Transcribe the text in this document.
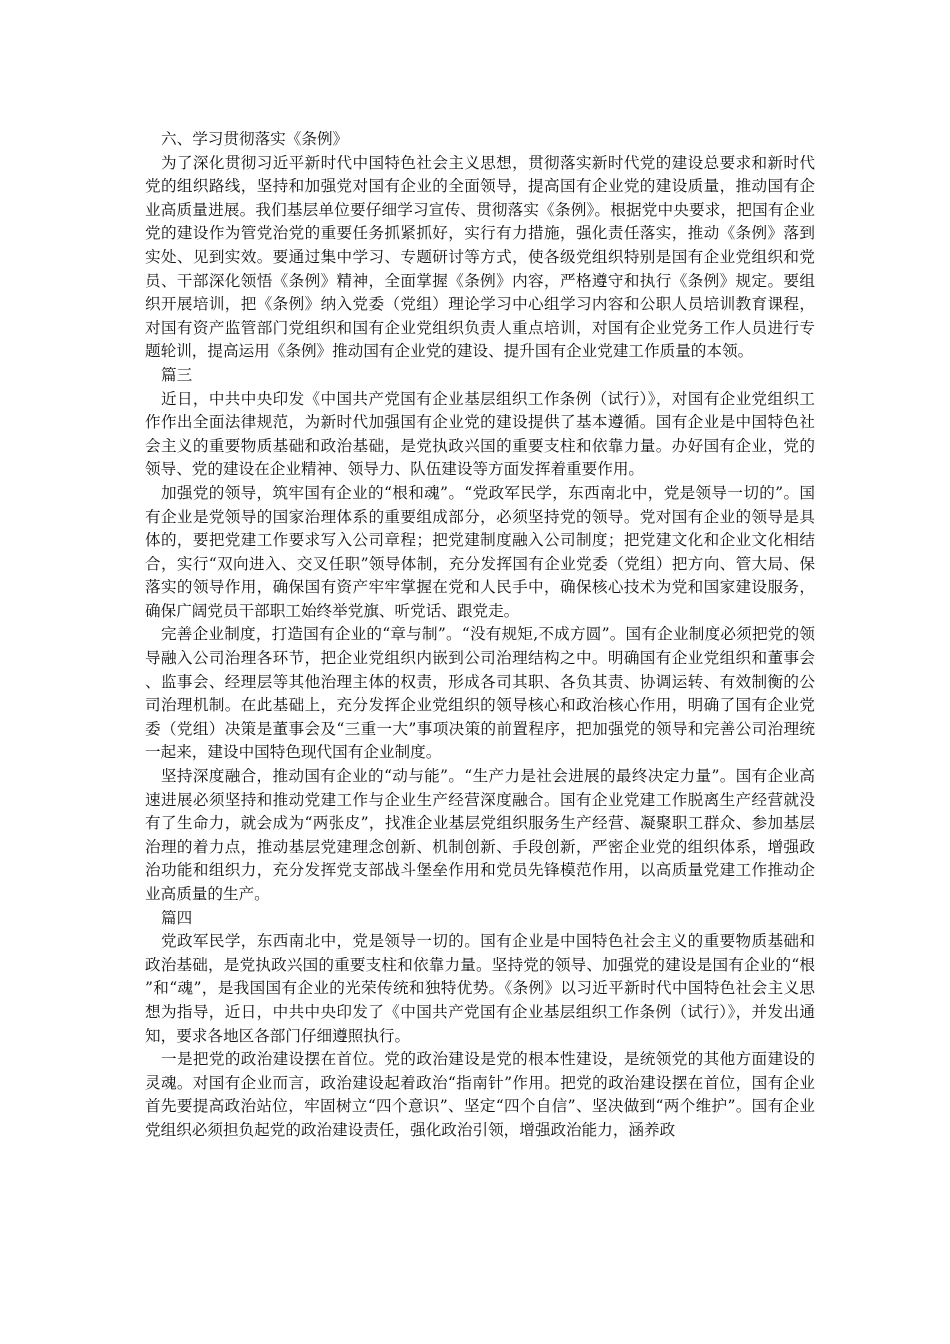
六、学习贯彻落实《条例》

为了深化贯彻习近平新时代中国特色社会主义思想，贯彻落实新时代党的建设总要求和新时代党的组织路线，坚持和加强党对国有企业的全面领导，提高国有企业党的建设质量，推动国有企业高质量进展。我们基层单位要仔细学习宣传、贯彻落实《条例》。根据党中央要求，把国有企业党的建设作为管党治党的重要任务抓紧抓好，实行有力措施，强化责任落实，推动《条例》落到实处、见到实效。要通过集中学习、专题研讨等方式，使各级党组织特别是国有企业党组织和党员、干部深化领悟《条例》精神，全面掌握《条例》内容，严格遵守和执行《条例》规定。要组织开展培训，把《条例》纳入党委（党组）理论学习中心组学习内容和公职人员培训教育课程，对国有资产监管部门党组织和国有企业党组织负责人重点培训，对国有企业党务工作人员进行专题轮训，提高运用《条例》推动国有企业党的建设、提升国有企业党建工作质量的本领。

篇三

近日，中共中央印发《中国共产党国有企业基层组织工作条例（试行）》，对国有企业党组织工作作出全面法律规范，为新时代加强国有企业党的建设提供了基本遵循。国有企业是中国特色社会主义的重要物质基础和政治基础，是党执政兴国的重要支柱和依靠力量。办好国有企业，党的领导、党的建设在企业精神、领导力、队伍建设等方面发挥着重要作用。

加强党的领导，筑牢国有企业的“根和魂”。“党政军民学，东西南北中，党是领导一切的”。国有企业是党领导的国家治理体系的重要组成部分，必须坚持党的领导。党对国有企业的领导是具体的，要把党建工作要求写入公司章程；把党建制度融入公司制度；把党建文化和企业文化相结合，实行“双向进入、交叉任职”领导体制，充分发挥国有企业党委（党组）把方向、管大局、保落实的领导作用，确保国有资产牢牢掌握在党和人民手中，确保核心技术为党和国家建设服务，确保广阔党员干部职工始终举党旗、听党话、跟党走。

完善企业制度，打造国有企业的“章与制”。“没有规矩,不成方圆”。国有企业制度必须把党的领导融入公司治理各环节，把企业党组织内嵌到公司治理结构之中。明确国有企业党组织和董事会、监事会、经理层等其他治理主体的权责，形成各司其职、各负其责、协调运转、有效制衡的公司治理机制。在此基础上，充分发挥企业党组织的领导核心和政治核心作用，明确了国有企业党委（党组）决策是董事会及“三重一大”事项决策的前置程序，把加强党的领导和完善公司治理统一起来，建设中国特色现代国有企业制度。

坚持深度融合，推动国有企业的“动与能”。“生产力是社会进展的最终决定力量”。国有企业高速进展必须坚持和推动党建工作与企业生产经营深度融合。国有企业党建工作脱离生产经营就没有了生命力，就会成为“两张皮”，找准企业基层党组织服务生产经营、凝聚职工群众、参加基层治理的着力点，推动基层党建理念创新、机制创新、手段创新，严密企业党的组织体系，增强政治功能和组织力，充分发挥党支部战斗堡垒作用和党员先锋模范作用，以高质量党建工作推动企业高质量的生产。

篇四

党政军民学，东西南北中，党是领导一切的。国有企业是中国特色社会主义的重要物质基础和政治基础，是党执政兴国的重要支柱和依靠力量。坚持党的领导、加强党的建设是国有企业的“根”和“魂”，是我国国有企业的光荣传统和独特优势。《条例》以习近平新时代中国特色社会主义思想为指导，近日，中共中央印发了《中国共产党国有企业基层组织工作条例（试行）》，并发出通知，要求各地区各部门仔细遵照执行。

一是把党的政治建设摆在首位。党的政治建设是党的根本性建设，是统领党的其他方面建设的灵魂。对国有企业而言，政治建设起着政治“指南针”作用。把党的政治建设摆在首位，国有企业首先要提高政治站位，牢固树立“四个意识”、坚定“四个自信”、坚决做到“两个维护”。国有企业党组织必须担负起党的政治建设责任，强化政治引领，增强政治能力，涵养政
